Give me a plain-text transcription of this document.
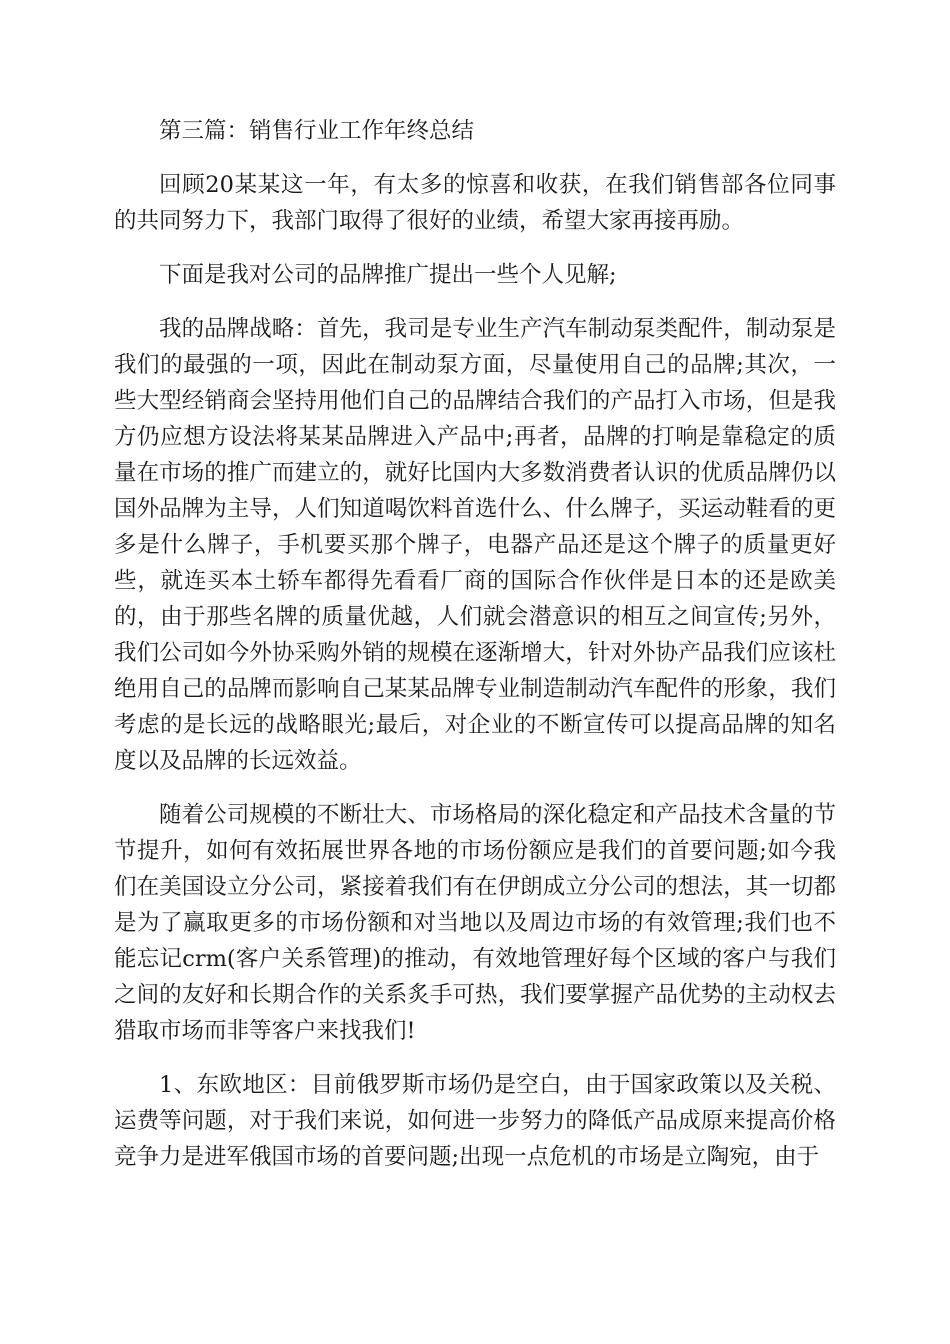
第三篇：销售行业工作年终总结

回顾20某某这一年，有太多的惊喜和收获，在我们销售部各位同事的共同努力下，我部门取得了很好的业绩，希望大家再接再励。

下面是我对公司的品牌推广提出一些个人见解;

我的品牌战略：首先，我司是专业生产汽车制动泵类配件，制动泵是我们的最强的一项，因此在制动泵方面，尽量使用自己的品牌;其次，一些大型经销商会坚持用他们自己的品牌结合我们的产品打入市场，但是我方仍应想方设法将某某品牌进入产品中;再者，品牌的打响是靠稳定的质量在市场的推广而建立的，就好比国内大多数消费者认识的优质品牌仍以国外品牌为主导，人们知道喝饮料首选什么、什么牌子，买运动鞋看的更多是什么牌子，手机要买那个牌子，电器产品还是这个牌子的质量更好些，就连买本土轿车都得先看看厂商的国际合作伙伴是日本的还是欧美的，由于那些名牌的质量优越，人们就会潜意识的相互之间宣传;另外，我们公司如今外协采购外销的规模在逐渐增大，针对外协产品我们应该杜绝用自己的品牌而影响自己某某品牌专业制造制动汽车配件的形象，我们考虑的是长远的战略眼光;最后，对企业的不断宣传可以提高品牌的知名度以及品牌的长远效益。

随着公司规模的不断壮大、市场格局的深化稳定和产品技术含量的节节提升，如何有效拓展世界各地的市场份额应是我们的首要问题;如今我们在美国设立分公司，紧接着我们有在伊朗成立分公司的想法，其一切都是为了赢取更多的市场份额和对当地以及周边市场的有效管理;我们也不能忘记crm(客户关系管理)的推动，有效地管理好每个区域的客户与我们之间的友好和长期合作的关系炙手可热，我们要掌握产品优势的主动权去猎取市场而非等客户来找我们!

1、东欧地区：目前俄罗斯市场仍是空白，由于国家政策以及关税、运费等问题，对于我们来说，如何进一步努力的降低产品成原来提高价格竞争力是进军俄国市场的首要问题;出现一点危机的市场是立陶宛，由于
